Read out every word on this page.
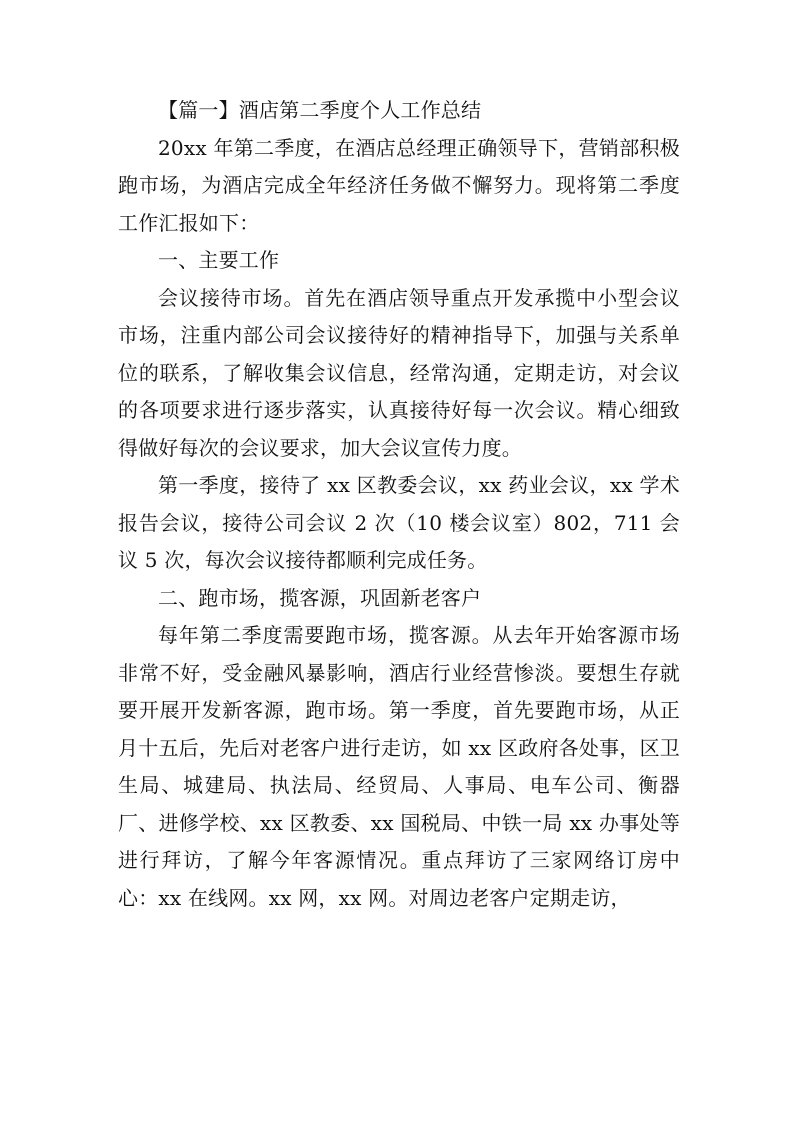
【篇一】酒店第二季度个人工作总结

20xx 年第二季度，在酒店总经理正确领导下，营销部积极跑市场，为酒店完成全年经济任务做不懈努力。现将第二季度工作汇报如下：

一、主要工作

会议接待市场。首先在酒店领导重点开发承揽中小型会议市场，注重内部公司会议接待好的精神指导下，加强与关系单位的联系，了解收集会议信息，经常沟通，定期走访，对会议的各项要求进行逐步落实，认真接待好每一次会议。精心细致得做好每次的会议要求，加大会议宣传力度。

第一季度，接待了 xx 区教委会议，xx 药业会议，xx 学术报告会议，接待公司会议 2 次（10 楼会议室）802，711 会议 5 次，每次会议接待都顺利完成任务。

二、跑市场，揽客源，巩固新老客户

每年第二季度需要跑市场，揽客源。从去年开始客源市场非常不好，受金融风暴影响，酒店行业经营惨淡。要想生存就要开展开发新客源，跑市场。第一季度，首先要跑市场，从正月十五后，先后对老客户进行走访，如 xx 区政府各处事，区卫生局、城建局、执法局、经贸局、人事局、电车公司、衡器厂、进修学校、xx 区教委、xx 国税局、中铁一局 xx 办事处等进行拜访，了解今年客源情况。重点拜访了三家网络订房中心：xx 在线网。xx 网，xx 网。对周边老客户定期走访，
